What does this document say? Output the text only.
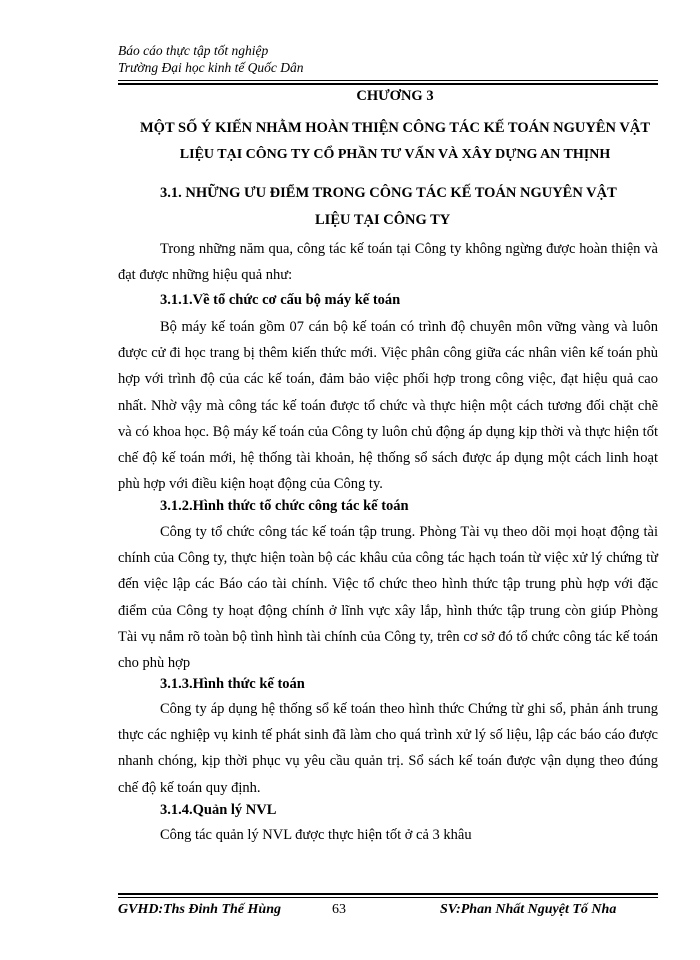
Báo cáo thực tập tốt nghiệp
Trường Đại học kinh tế Quốc Dân
CHƯƠNG 3
MỘT SỐ Ý KIẾN NHẰM HOÀN THIỆN CÔNG TÁC KẾ TOÁN NGUYÊN VẬT
LIỆU TẠI CÔNG TY CỔ PHẦN TƯ VẤN VÀ XÂY DỰNG AN THỊNH
3.1. NHỮNG ƯU ĐIỂM TRONG CÔNG TÁC KẾ TOÁN NGUYÊN VẬT
LIỆU TẠI CÔNG TY
Trong những năm qua, công tác kế toán tại Công ty không ngừng được hoàn thiện và đạt được những hiệu quả như:
3.1.1.Về tổ chức cơ cấu bộ máy kế toán
Bộ máy kế toán gồm 07 cán bộ kế toán có trình độ chuyên môn vững vàng và luôn được cử đi học trang bị thêm kiến thức mới. Việc phân công giữa các nhân viên kế toán phù hợp với trình độ của các kế toán, đảm bảo việc phối hợp trong công việc, đạt hiệu quả cao nhất. Nhờ vậy mà công tác kế toán được tổ chức và thực hiện một cách tương đối chặt chẽ và có khoa học. Bộ máy kế toán của Công ty luôn chủ động áp dụng kịp thời và thực hiện tốt chế độ kế toán mới, hệ thống tài khoản, hệ thống sổ sách được áp dụng một cách linh hoạt phù hợp với điều kiện hoạt động của Công ty.
3.1.2.Hình thức tổ chức công tác kế toán
Công ty tổ chức công tác kế toán tập trung. Phòng Tài vụ theo dõi mọi hoạt động tài chính của Công ty, thực hiện toàn bộ các khâu của công tác hạch toán từ việc xử lý chứng từ đến việc lập các Báo cáo tài chính. Việc tổ chức theo hình thức tập trung phù hợp với đặc điểm của Công ty hoạt động chính ở lĩnh vực xây lắp, hình thức tập trung còn giúp Phòng Tài vụ nắm rõ toàn bộ tình hình tài chính của Công ty, trên cơ sở đó tổ chức công tác kế toán cho phù hợp
3.1.3.Hình thức kế toán
Công ty áp dụng hệ thống sổ kế toán theo hình thức Chứng từ ghi sổ, phản ánh trung thực các nghiệp vụ kinh tế phát sinh đã làm cho quá trình xử lý số liệu, lập các báo cáo được nhanh chóng, kịp thời phục vụ yêu cầu quản trị. Sổ sách kế toán được vận dụng theo đúng chế độ kế toán quy định.
3.1.4.Quản lý NVL
Công tác quản lý NVL được thực hiện tốt ở cả 3 khâu
GVHD:Ths Đinh Thế Hùng	63	SV:Phan Nhất Nguyệt Tố Nha
